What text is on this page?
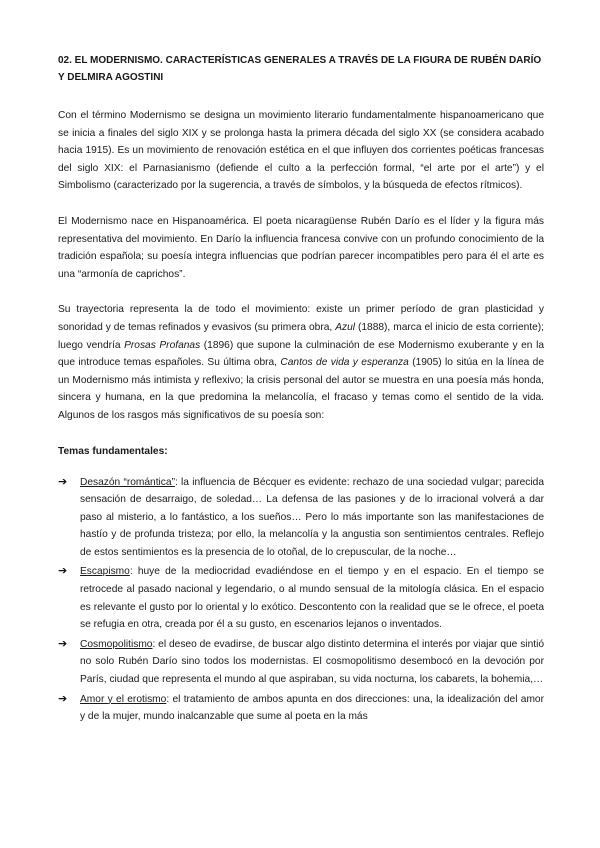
02. EL MODERNISMO. CARACTERÍSTICAS GENERALES A TRAVÉS DE LA FIGURA DE RUBÉN DARÍO Y DELMIRA AGOSTINI

Con el término Modernismo se designa un movimiento literario fundamentalmente hispanoamericano que se inicia a finales del siglo XIX y se prolonga hasta la primera década del siglo XX (se considera acabado hacia 1915). Es un movimiento de renovación estética en el que influyen dos corrientes poéticas francesas del siglo XIX: el Parnasianismo (defiende el culto a la perfección formal, “el arte por el arte”) y el Simbolismo (caracterizado por la sugerencia, a través de símbolos, y la búsqueda de efectos rítmicos).

El Modernismo nace en Hispanoamérica. El poeta nicaragüense Rubén Darío es el líder y la figura más representativa del movimiento. En Darío la influencia francesa convive con un profundo conocimiento de la tradición española; su poesía integra influencias que podrían parecer incompatibles pero para él el arte es una “armonía de caprichos”.

Su trayectoria representa la de todo el movimiento: existe un primer período de gran plasticidad y sonoridad y de temas refinados y evasivos (su primera obra, Azul (1888), marca el inicio de esta corriente); luego vendría Prosas Profanas (1896) que supone la culminación de ese Modernismo exuberante y en la que introduce temas españoles. Su última obra, Cantos de vida y esperanza (1905) lo sitúa en la línea de un Modernismo más intimista y reflexivo; la crisis personal del autor se muestra en una poesía más honda, sincera y humana, en la que predomina la melancolía, el fracaso y temas como el sentido de la vida. Algunos de los rasgos más significativos de su poesía son:

Temas fundamentales:
➔ Desazón “romántica”: la influencia de Bécquer es evidente: rechazo de una sociedad vulgar; parecida sensación de desarraigo, de soledad… La defensa de las pasiones y de lo irracional volverá a dar paso al misterio, a lo fantástico, a los sueños… Pero lo más importante son las manifestaciones de hastío y de profunda tristeza; por ello, la melancolía y la angustia son sentimientos centrales. Reflejo de estos sentimientos es la presencia de lo otoñal, de lo crepuscular, de la noche…
➔ Escapismo: huye de la mediocridad evadiéndose en el tiempo y en el espacio. En el tiempo se retrocede al pasado nacional y legendario, o al mundo sensual de la mitología clásica. En el espacio es relevante el gusto por lo oriental y lo exótico. Descontento con la realidad que se le ofrece, el poeta se refugia en otra, creada por él a su gusto, en escenarios lejanos o inventados.
➔ Cosmopolitismo: el deseo de evadirse, de buscar algo distinto determina el interés por viajar que sintió no solo Rubén Darío sino todos los modernistas. El cosmopolitismo desembocó en la devoción por París, ciudad que representa el mundo al que aspiraban, su vida nocturna, los cabarets, la bohemia,…
➔ Amor y el erotismo: el tratamiento de ambos apunta en dos direcciones: una, la idealización del amor y de la mujer, mundo inalcanzable que sume al poeta en la más
